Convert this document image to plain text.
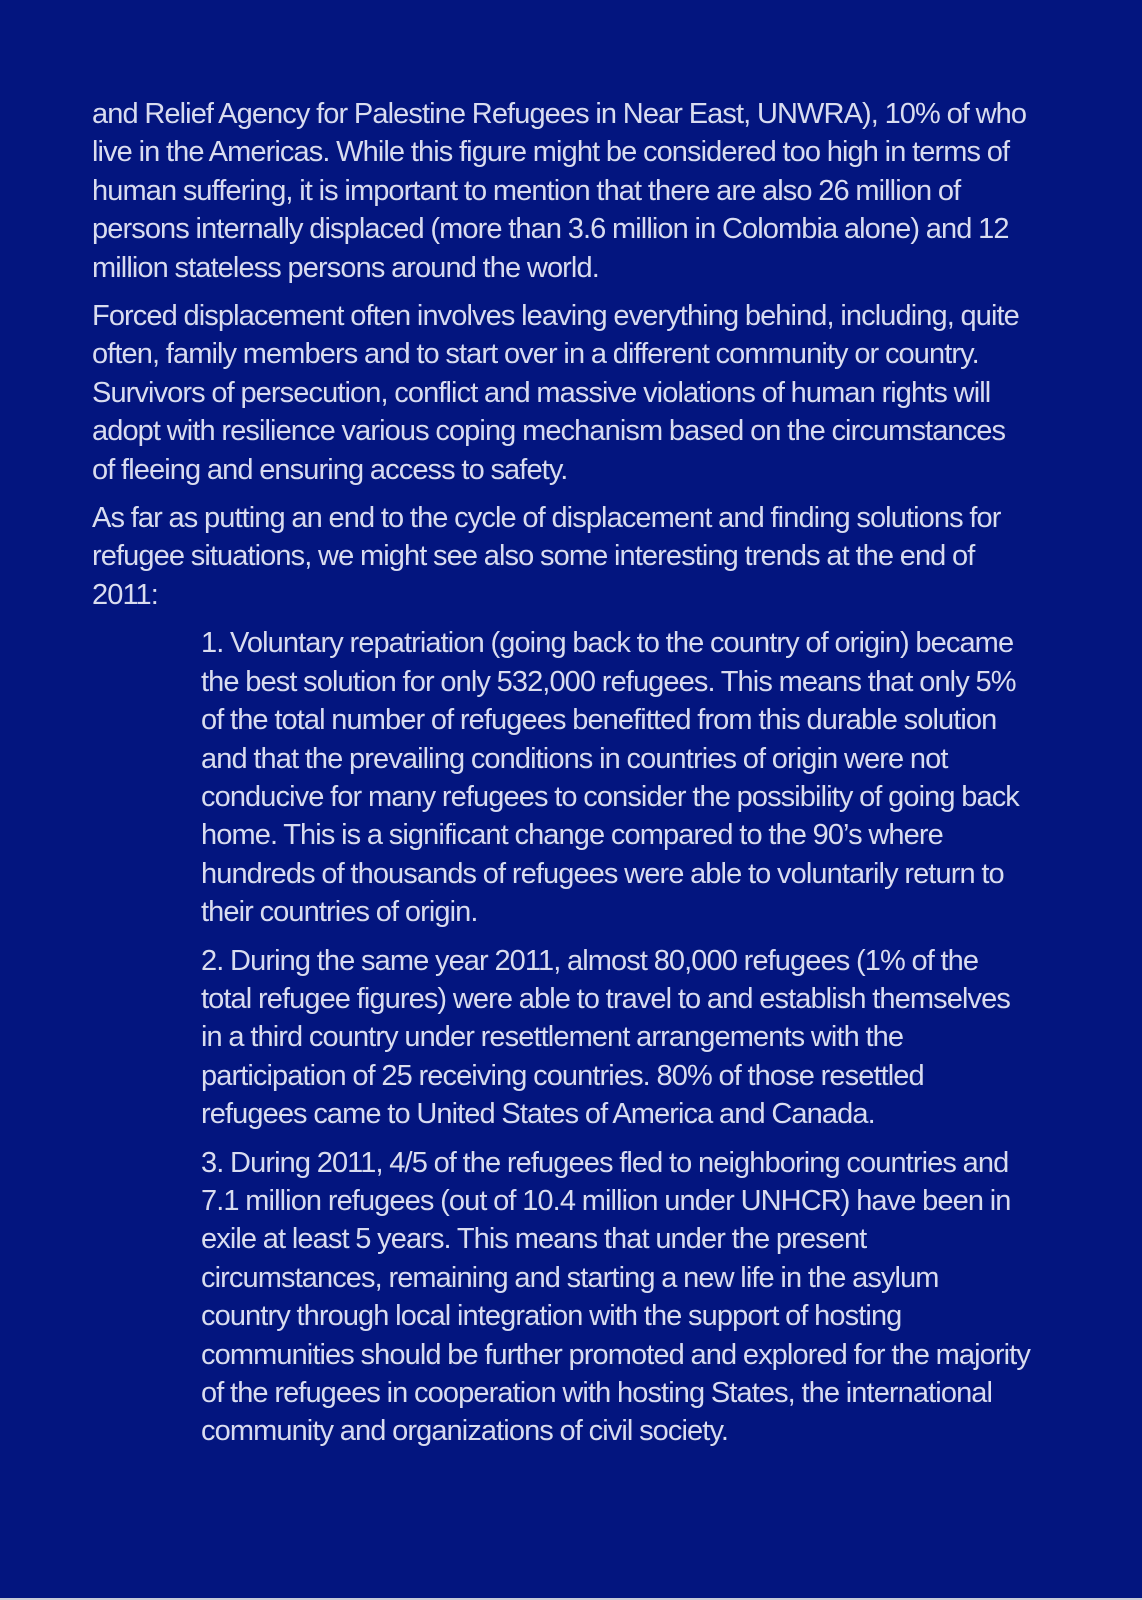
and Relief Agency for Palestine Refugees in Near East, UNWRA), 10% of who
live in the Americas. While this figure might be considered too high in terms of
human suffering, it is important to mention that there are also 26 million of
persons internally displaced (more than 3.6 million in Colombia alone) and 12
million stateless persons around the world.

Forced displacement often involves leaving everything behind, including, quite
often, family members and to start over in a different community or country.
Survivors of persecution, conflict and massive violations of human rights will
adopt with resilience various coping mechanism based on the circumstances
of fleeing and ensuring access to safety.

As far as putting an end to the cycle of displacement and finding solutions for
refugee situations, we might see also some interesting trends at the end of
2011:

1. Voluntary repatriation (going back to the country of origin) became
the best solution for only 532,000 refugees. This means that only 5%
of the total number of refugees benefitted from this durable solution
and that the prevailing conditions in countries of origin were not
conducive for many refugees to consider the possibility of going back
home. This is a significant change compared to the 90’s where
hundreds of thousands of refugees were able to voluntarily return to
their countries of origin.
2. During the same year 2011, almost 80,000 refugees (1% of the
total refugee figures) were able to travel to and establish themselves
in a third country under resettlement arrangements with the
participation of 25 receiving countries. 80% of those resettled
refugees came to United States of America and Canada.
3. During 2011, 4/5 of the refugees fled to neighboring countries and
7.1 million refugees (out of 10.4 million under UNHCR) have been in
exile at least 5 years. This means that under the present
circumstances, remaining and starting a new life in the asylum
country through local integration with the support of hosting
communities should be further promoted and explored for the majority
of the refugees in cooperation with hosting States, the international
community and organizations of civil society.
